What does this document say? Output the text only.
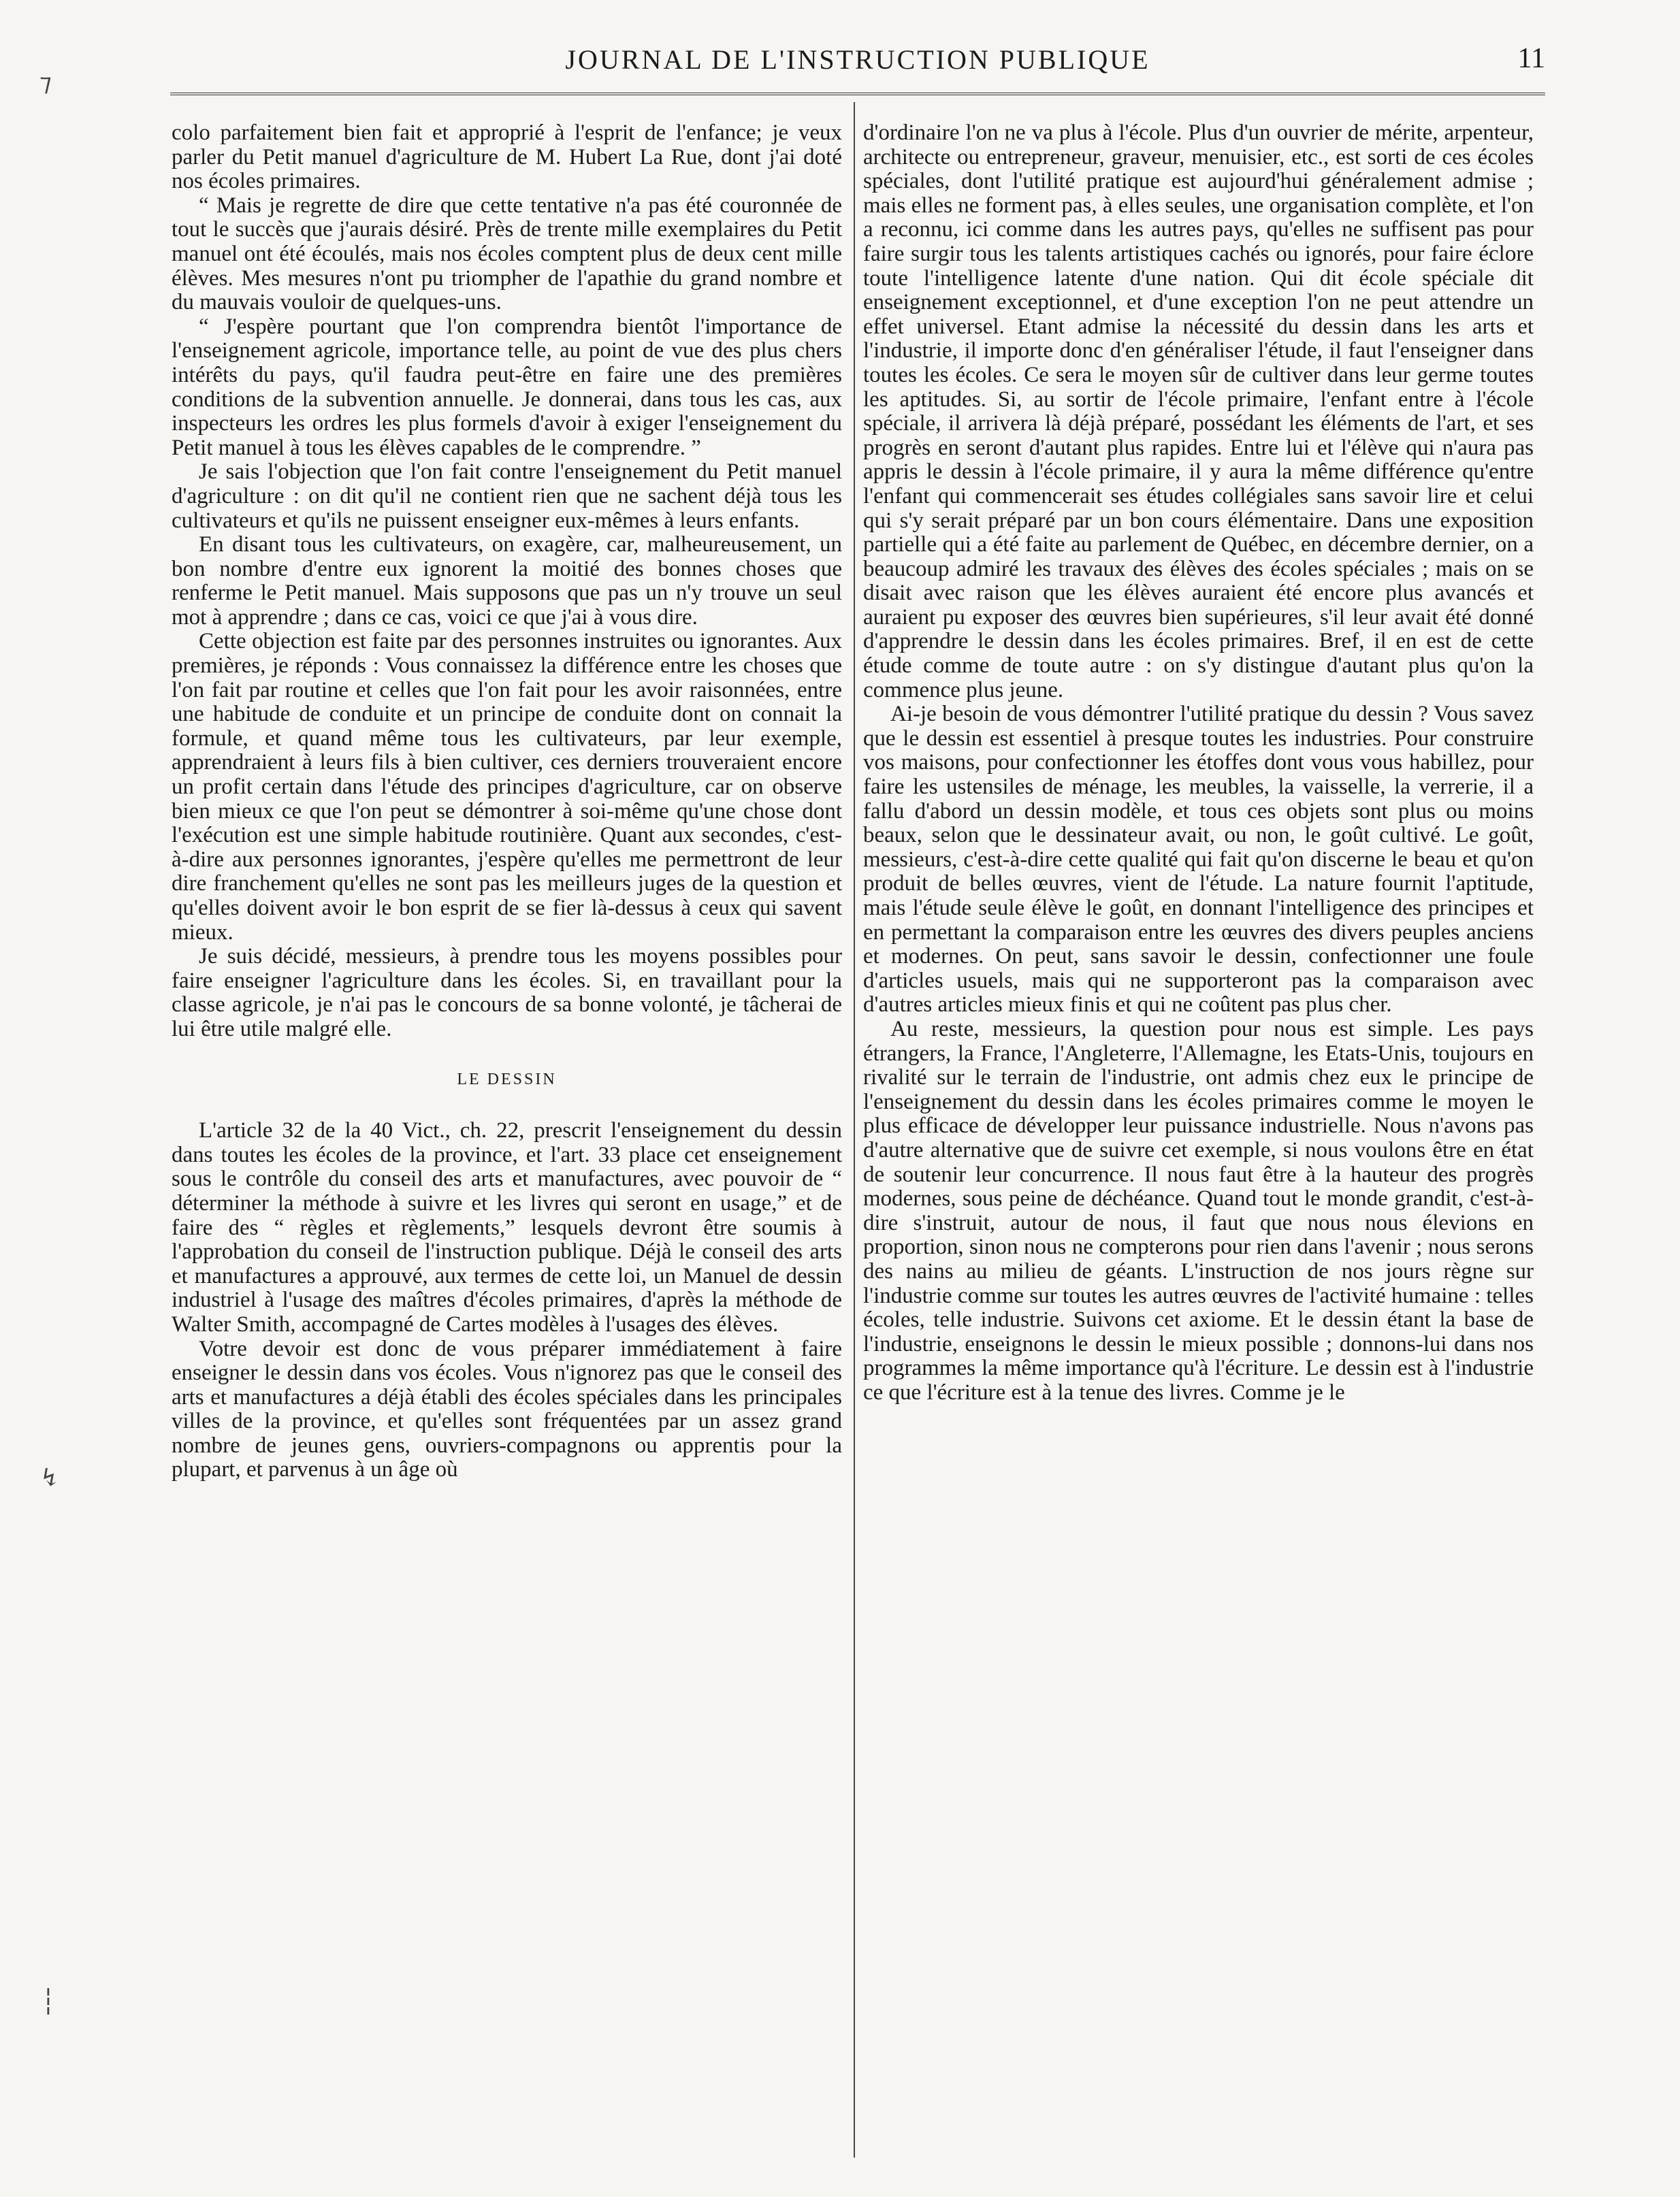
JOURNAL DE L'INSTRUCTION PUBLIQUE	11
⁊
↯
┆

colo parfaitement bien fait et approprié à l'esprit de l'enfance; je veux parler du Petit manuel d'agriculture de M. Hubert La Rue, dont j'ai doté nos écoles primaires.

“ Mais je regrette de dire que cette tentative n'a pas été couronnée de tout le succès que j'aurais désiré. Près de trente mille exemplaires du Petit manuel ont été écoulés, mais nos écoles comptent plus de deux cent mille élèves. Mes mesures n'ont pu triompher de l'apathie du grand nombre et du mauvais vouloir de quelques-uns.

“ J'espère pourtant que l'on comprendra bientôt l'importance de l'enseignement agricole, importance telle, au point de vue des plus chers intérêts du pays, qu'il faudra peut-être en faire une des premières conditions de la subvention annuelle. Je donnerai, dans tous les cas, aux inspecteurs les ordres les plus formels d'avoir à exiger l'enseignement du Petit manuel à tous les élèves capables de le comprendre. ”

Je sais l'objection que l'on fait contre l'enseignement du Petit manuel d'agriculture : on dit qu'il ne contient rien que ne sachent déjà tous les cultivateurs et qu'ils ne puissent enseigner eux-mêmes à leurs enfants.

En disant tous les cultivateurs, on exagère, car, malheureusement, un bon nombre d'entre eux ignorent la moitié des bonnes choses que renferme le Petit manuel. Mais supposons que pas un n'y trouve un seul mot à apprendre ; dans ce cas, voici ce que j'ai à vous dire.

Cette objection est faite par des personnes instruites ou ignorantes. Aux premières, je réponds : Vous connaissez la différence entre les choses que l'on fait par routine et celles que l'on fait pour les avoir raisonnées, entre une habitude de conduite et un principe de conduite dont on connait la formule, et quand même tous les cultivateurs, par leur exemple, apprendraient à leurs fils à bien cultiver, ces derniers trouveraient encore un profit certain dans l'étude des principes d'agriculture, car on observe bien mieux ce que l'on peut se démontrer à soi-même qu'une chose dont l'exécution est une simple habitude routinière. Quant aux secondes, c'est-à-dire aux personnes ignorantes, j'espère qu'elles me permettront de leur dire franchement qu'elles ne sont pas les meilleurs juges de la question et qu'elles doivent avoir le bon esprit de se fier là-dessus à ceux qui savent mieux.

Je suis décidé, messieurs, à prendre tous les moyens possibles pour faire enseigner l'agriculture dans les écoles. Si, en travaillant pour la classe agricole, je n'ai pas le concours de sa bonne volonté, je tâcherai de lui être utile malgré elle.

LE DESSIN

L'article 32 de la 40 Vict., ch. 22, prescrit l'enseignement du dessin dans toutes les écoles de la province, et l'art. 33 place cet enseignement sous le contrôle du conseil des arts et manufactures, avec pouvoir de “ déterminer la méthode à suivre et les livres qui seront en usage,” et de faire des “ règles et règlements,” lesquels devront être soumis à l'approbation du conseil de l'instruction publique. Déjà le conseil des arts et manufactures a approuvé, aux termes de cette loi, un Manuel de dessin industriel à l'usage des maîtres d'écoles primaires, d'après la méthode de Walter Smith, accompagné de Cartes modèles à l'usages des élèves.

Votre devoir est donc de vous préparer immédiatement à faire enseigner le dessin dans vos écoles. Vous n'ignorez pas que le conseil des arts et manufactures a déjà établi des écoles spéciales dans les principales villes de la province, et qu'elles sont fréquentées par un assez grand nombre de jeunes gens, ouvriers-compagnons ou apprentis pour la plupart, et parvenus à un âge où

d'ordinaire l'on ne va plus à l'école. Plus d'un ouvrier de mérite, arpenteur, architecte ou entrepreneur, graveur, menuisier, etc., est sorti de ces écoles spéciales, dont l'utilité pratique est aujourd'hui généralement admise ; mais elles ne forment pas, à elles seules, une organisation complète, et l'on a reconnu, ici comme dans les autres pays, qu'elles ne suffisent pas pour faire surgir tous les talents artistiques cachés ou ignorés, pour faire éclore toute l'intelligence latente d'une nation. Qui dit école spéciale dit enseignement exceptionnel, et d'une exception l'on ne peut attendre un effet universel. Etant admise la nécessité du dessin dans les arts et l'industrie, il importe donc d'en généraliser l'étude, il faut l'enseigner dans toutes les écoles. Ce sera le moyen sûr de cultiver dans leur germe toutes les aptitudes. Si, au sortir de l'école primaire, l'enfant entre à l'école spéciale, il arrivera là déjà préparé, possédant les éléments de l'art, et ses progrès en seront d'autant plus rapides. Entre lui et l'élève qui n'aura pas appris le dessin à l'école primaire, il y aura la même différence qu'entre l'enfant qui commencerait ses études collégiales sans savoir lire et celui qui s'y serait préparé par un bon cours élémentaire. Dans une exposition partielle qui a été faite au parlement de Québec, en décembre dernier, on a beaucoup admiré les travaux des élèves des écoles spéciales ; mais on se disait avec raison que les élèves auraient été encore plus avancés et auraient pu exposer des œuvres bien supérieures, s'il leur avait été donné d'apprendre le dessin dans les écoles primaires. Bref, il en est de cette étude comme de toute autre : on s'y distingue d'autant plus qu'on la commence plus jeune.

Ai-je besoin de vous démontrer l'utilité pratique du dessin ? Vous savez que le dessin est essentiel à presque toutes les industries. Pour construire vos maisons, pour confectionner les étoffes dont vous vous habillez, pour faire les ustensiles de ménage, les meubles, la vaisselle, la verrerie, il a fallu d'abord un dessin modèle, et tous ces objets sont plus ou moins beaux, selon que le dessinateur avait, ou non, le goût cultivé. Le goût, messieurs, c'est-à-dire cette qualité qui fait qu'on discerne le beau et qu'on produit de belles œuvres, vient de l'étude. La nature fournit l'aptitude, mais l'étude seule élève le goût, en donnant l'intelligence des principes et en permettant la comparaison entre les œuvres des divers peuples anciens et modernes. On peut, sans savoir le dessin, confectionner une foule d'articles usuels, mais qui ne supporteront pas la comparaison avec d'autres articles mieux finis et qui ne coûtent pas plus cher.

Au reste, messieurs, la question pour nous est simple. Les pays étrangers, la France, l'Angleterre, l'Allemagne, les Etats-Unis, toujours en rivalité sur le terrain de l'industrie, ont admis chez eux le principe de l'enseignement du dessin dans les écoles primaires comme le moyen le plus efficace de développer leur puissance industrielle. Nous n'avons pas d'autre alternative que de suivre cet exemple, si nous voulons être en état de soutenir leur concurrence. Il nous faut être à la hauteur des progrès modernes, sous peine de déchéance. Quand tout le monde grandit, c'est-à-dire s'instruit, autour de nous, il faut que nous nous élevions en proportion, sinon nous ne compterons pour rien dans l'avenir ; nous serons des nains au milieu de géants. L'instruction de nos jours règne sur l'industrie comme sur toutes les autres œuvres de l'activité humaine : telles écoles, telle industrie. Suivons cet axiome. Et le dessin étant la base de l'industrie, enseignons le dessin le mieux possible ; donnons-lui dans nos programmes la même importance qu'à l'écriture. Le dessin est à l'industrie ce que l'écriture est à la tenue des livres. Comme je le
